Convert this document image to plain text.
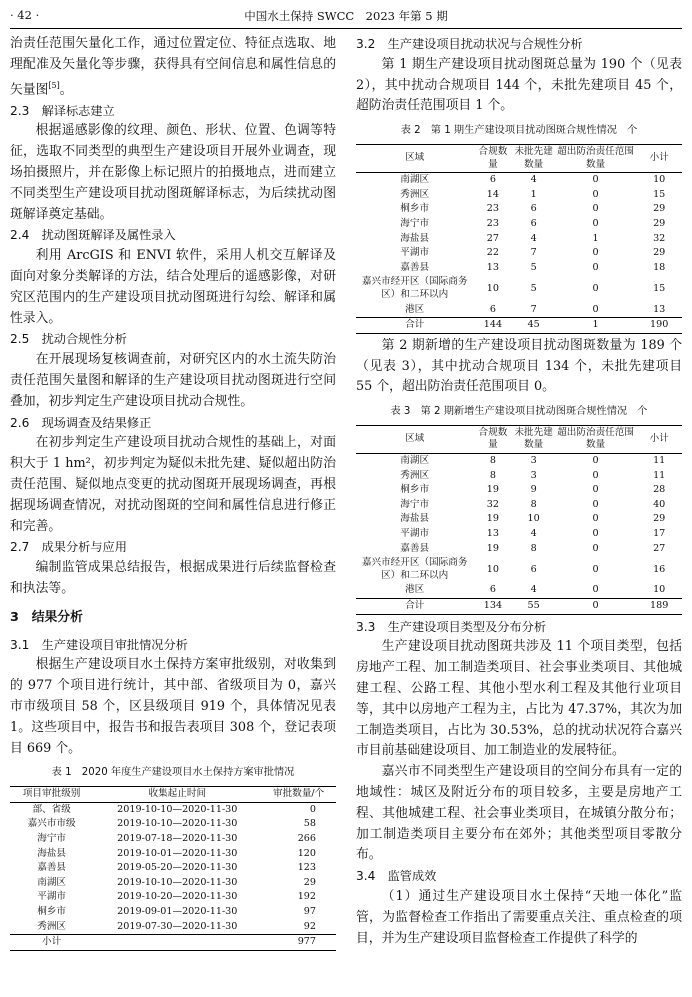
· 42 ·	中国水土保持 SWCC　2023 年第 5 期

治责任范围矢量化工作，通过位置定位、特征点选取、地理配准及矢量化等步骤，获得具有空间信息和属性信息的矢量图[5]。

2.3　解译标志建立

根据遥感影像的纹理、颜色、形状、位置、色调等特征，选取不同类型的典型生产建设项目开展外业调查，现场拍摄照片，并在影像上标记照片的拍摄地点，进而建立不同类型生产建设项目扰动图斑解译标志，为后续扰动图斑解译奠定基础。

2.4　扰动图斑解译及属性录入

利用 ArcGIS 和 ENVI 软件，采用人机交互解译及面向对象分类解译的方法，结合处理后的遥感影像，对研究区范围内的生产建设项目扰动图斑进行勾绘、解译和属性录入。

2.5　扰动合规性分析

在开展现场复核调查前，对研究区内的水土流失防治责任范围矢量图和解译的生产建设项目扰动图斑进行空间叠加，初步判定生产建设项目扰动合规性。

2.6　现场调查及结果修正

在初步判定生产建设项目扰动合规性的基础上，对面积大于 1 hm²，初步判定为疑似未批先建、疑似超出防治责任范围、疑似地点变更的扰动图斑开展现场调查，再根据现场调查情况，对扰动图斑的空间和属性信息进行修正和完善。

2.7　成果分析与应用

编制监管成果总结报告，根据成果进行后续监督检查和执法等。

3　结果分析
3.1　生产建设项目审批情况分析

根据生产建设项目水土保持方案审批级别，对收集到的 977 个项目进行统计，其中部、省级项目为 0，嘉兴市市级项目 58 个，区县级项目 919 个，具体情况见表 1。这些项目中，报告书和报告表项目 308 个，登记表项目 669 个。

表 1　2020 年度生产建设项目水土保持方案审批情况
项目审批级别	收集起止时间	审批数量/个
部、省级	2019-10-10—2020-11-30	0
嘉兴市市级	2019-10-10—2020-11-30	58
海宁市	2019-07-18—2020-11-30	266
海盐县	2019-10-01—2020-11-30	120
嘉善县	2019-05-20—2020-11-30	123
南湖区	2019-10-10—2020-11-30	29
平湖市	2019-10-20—2020-11-30	192
桐乡市	2019-09-01—2020-11-30	97
秀洲区	2019-07-30—2020-11-30	92
小计		977
3.2　生产建设项目扰动状况与合规性分析

第 1 期生产建设项目扰动图斑总量为 190 个（见表 2），其中扰动合规项目 144 个，未批先建项目 45 个，超防治责任范围项目 1 个。

表 2　第 1 期生产建设项目扰动图斑合规性情况　个
区域	合规数量	未批先建数量	超出防治责任范围数量	小计
南湖区	6	4	0	10
秀洲区	14	1	0	15
桐乡市	23	6	0	29
海宁市	23	6	0	29
海盐县	27	4	1	32
平湖市	22	7	0	29
嘉善县	13	5	0	18
嘉兴市经开区（国际商务区）和二环以内	10	5	0	15
港区	6	7	0	13
合计	144	45	1	190

第 2 期新增的生产建设项目扰动图斑数量为 189 个（见表 3），其中扰动合规项目 134 个，未批先建项目 55 个，超出防治责任范围项目 0。

表 3　第 2 期新增生产建设项目扰动图斑合规性情况　个
区域	合规数量	未批先建数量	超出防治责任范围数量	小计
南湖区	8	3	0	11
秀洲区	8	3	0	11
桐乡市	19	9	0	28
海宁市	32	8	0	40
海盐县	19	10	0	29
平湖市	13	4	0	17
嘉善县	19	8	0	27
嘉兴市经开区（国际商务区）和二环以内	10	6	0	16
港区	6	4	0	10
合计	134	55	0	189
3.3　生产建设项目类型及分布分析

生产建设项目扰动图斑共涉及 11 个项目类型，包括房地产工程、加工制造类项目、社会事业类项目、其他城建工程、公路工程、其他小型水利工程及其他行业项目等，其中以房地产工程为主，占比为 47.37%，其次为加工制造类项目，占比为 30.53%，总的扰动状况符合嘉兴市目前基础建设项目、加工制造业的发展特征。

嘉兴市不同类型生产建设项目的空间分布具有一定的地域性：城区及附近分布的项目较多，主要是房地产工程、其他城建工程、社会事业类项目，在城镇分散分布；加工制造类项目主要分布在郊外；其他类型项目零散分布。

3.4　监管成效

（1）通过生产建设项目水土保持“天地一体化”监管，为监督检查工作指出了需要重点关注、重点检查的项目，并为生产建设项目监督检查工作提供了科学的
